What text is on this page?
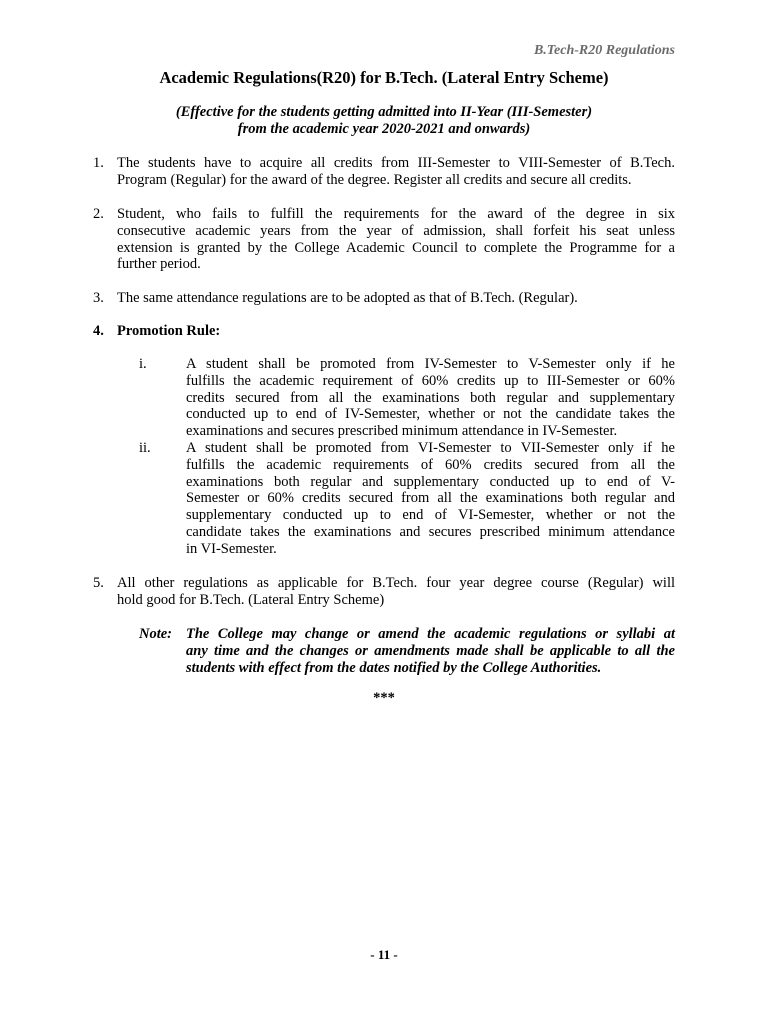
B.Tech-R20 Regulations
Academic Regulations(R20) for B.Tech. (Lateral Entry Scheme)
(Effective for the students getting admitted into II-Year (III-Semester)
from the academic year 2020-2021 and onwards)
1. The students have to acquire all credits from III-Semester to VIII-Semester of B.Tech.
Program (Regular) for the award of the degree. Register all credits and secure all credits.
2. Student, who fails to fulfill the requirements for the award of the degree in six
consecutive academic years from the year of admission, shall forfeit his seat unless
extension is granted by the College Academic Council to complete the Programme for a
further period.
3. The same attendance regulations are to be adopted as that of B.Tech. (Regular).
4. Promotion Rule:
i.	A student shall be promoted from IV-Semester to V-Semester only if he
fulfills the academic requirement of 60% credits up to III-Semester or 60%
credits secured from all the examinations both regular and supplementary
conducted up to end of IV-Semester, whether or not the candidate takes the
examinations and secures prescribed minimum attendance in IV-Semester.
ii. A student shall be promoted from VI-Semester to VII-Semester only if he
fulfills the academic requirements of 60% credits secured from all the
examinations both regular and supplementary conducted up to end of V-
Semester or 60% credits secured from all the examinations both regular and
supplementary conducted up to end of VI-Semester, whether or not the
candidate takes the examinations and secures prescribed minimum attendance
in VI-Semester.
5. All other regulations as applicable for B.Tech. four year degree course (Regular) will
hold good for B.Tech. (Lateral Entry Scheme)
Note: The College may change or amend the academic regulations or syllabi at
any time and the changes or amendments made shall be applicable to all the
students with effect from the dates notified by the College Authorities.
***
- 11 -
